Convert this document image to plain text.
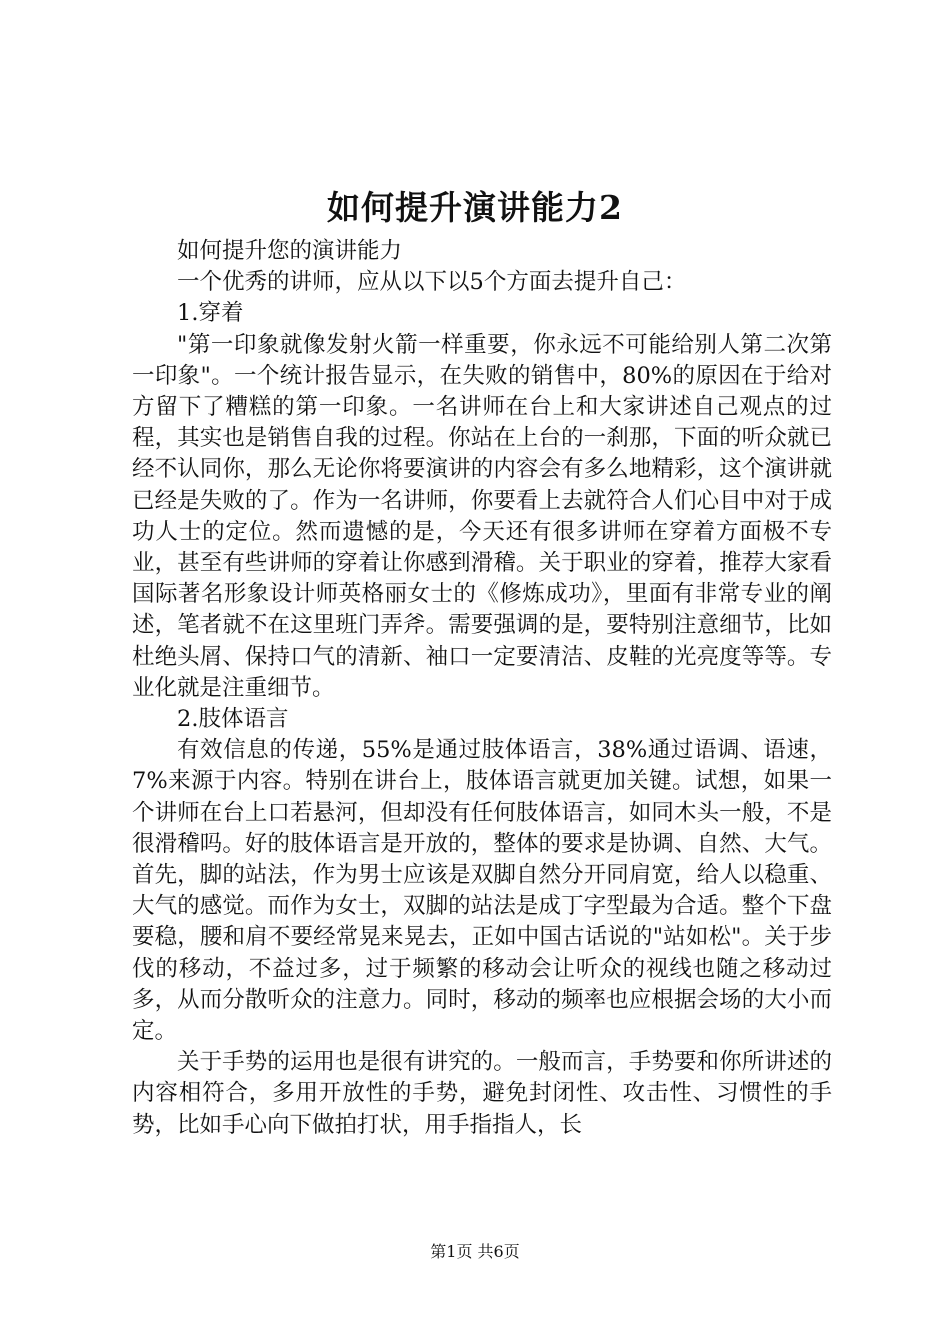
如何提升演讲能力2

如何提升您的演讲能力

一个优秀的讲师，应从以下以5个方面去提升自己：

1.穿着

"第一印象就像发射火箭一样重要，你永远不可能给别人第二次第一印象"。一个统计报告显示，在失败的销售中，80%的原因在于给对方留下了糟糕的第一印象。一名讲师在台上和大家讲述自己观点的过程，其实也是销售自我的过程。你站在上台的一刹那，下面的听众就已经不认同你，那么无论你将要演讲的内容会有多么地精彩，这个演讲就已经是失败的了。作为一名讲师，你要看上去就符合人们心目中对于成功人士的定位。然而遗憾的是，今天还有很多讲师在穿着方面极不专业，甚至有些讲师的穿着让你感到滑稽。关于职业的穿着，推荐大家看国际著名形象设计师英格丽女士的《修炼成功》，里面有非常专业的阐述，笔者就不在这里班门弄斧。需要强调的是，要特别注意细节，比如杜绝头屑、保持口气的清新、袖口一定要清洁、皮鞋的光亮度等等。专业化就是注重细节。

2.肢体语言

有效信息的传递，55%是通过肢体语言，38%通过语调、语速，7%来源于内容。特别在讲台上，肢体语言就更加关键。试想，如果一个讲师在台上口若悬河，但却没有任何肢体语言，如同木头一般，不是很滑稽吗。好的肢体语言是开放的，整体的要求是协调、自然、大气。首先，脚的站法，作为男士应该是双脚自然分开同肩宽，给人以稳重、大气的感觉。而作为女士，双脚的站法是成丁字型最为合适。整个下盘要稳，腰和肩不要经常晃来晃去，正如中国古话说的"站如松"。关于步伐的移动，不益过多，过于频繁的移动会让听众的视线也随之移动过多，从而分散听众的注意力。同时，移动的频率也应根据会场的大小而定。

关于手势的运用也是很有讲究的。一般而言，手势要和你所讲述的内容相符合，多用开放性的手势，避免封闭性、攻击性、习惯性的手势，比如手心向下做拍打状，用手指指人，长

第1页 共6页
